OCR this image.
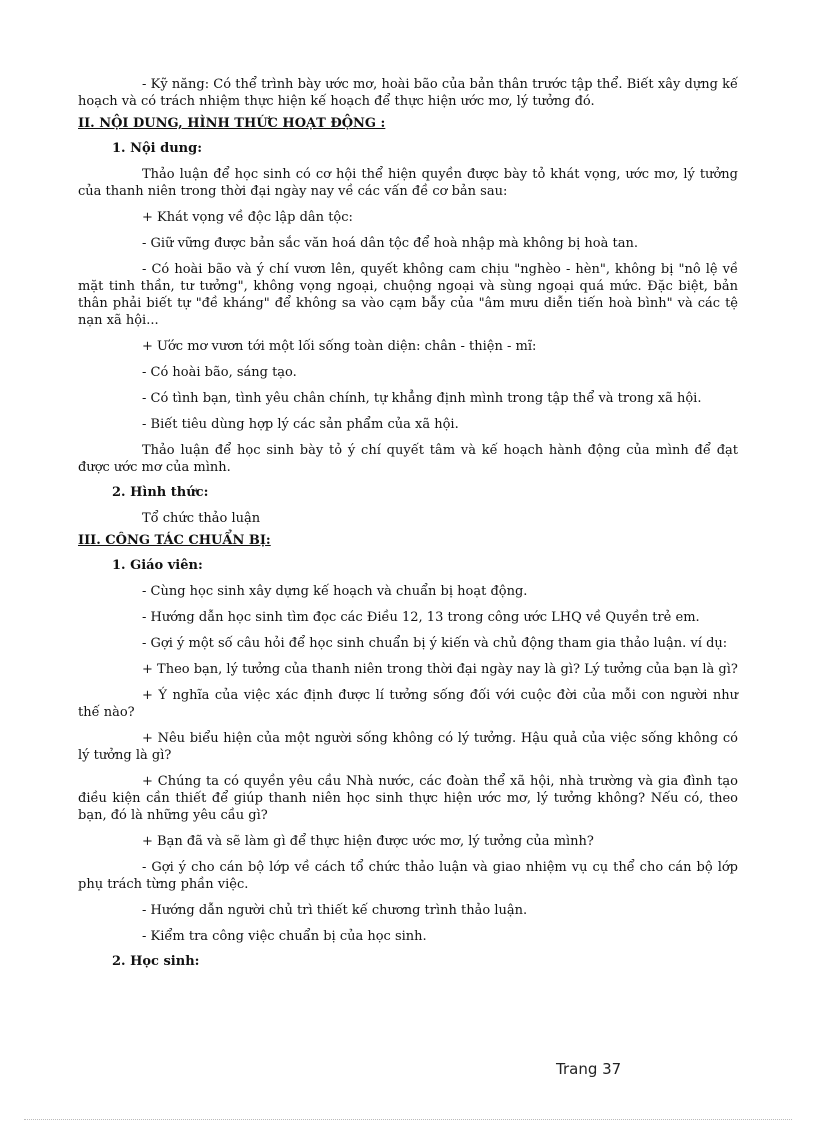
- Kỹ năng: Có thể trình bày ước mơ, hoài bão của bản thân trước tập thể. Biết xây dựng kế hoạch và có trách nhiệm thực hiện kế hoạch để thực hiện ước mơ, lý tưởng đó.

II. NỘI DUNG, HÌNH THỨC HOẠT ĐỘNG :

1. Nội dung:

Thảo luận để học sinh có cơ hội thể hiện quyền được bày tỏ khát vọng, ước mơ, lý tưởng của thanh niên trong thời đại ngày nay về các vấn đề cơ bản sau:

+ Khát vọng về độc lập dân tộc:

- Giữ vững được bản sắc văn hoá dân tộc để hoà nhập mà không bị hoà tan.

- Có hoài bão và ý chí vươn lên, quyết không cam chịu "nghèo - hèn", không bị "nô lệ về mặt tinh thần, tư tưởng", không vọng ngoại, chuộng ngoại và sùng ngoại quá mức. Đặc biệt, bản thân phải biết tự "đề kháng" để không sa vào cạm bẫy của "âm mưu diễn tiến hoà bình" và các tệ nạn xã hội...

+ Ước mơ vươn tới một lối sống toàn diện: chân - thiện - mĩ:

- Có hoài bão, sáng tạo.

- Có tình bạn, tình yêu chân chính, tự khẳng định mình trong tập thể và trong xã hội.

- Biết tiêu dùng hợp lý các sản phẩm của xã hội.

Thảo luận để học sinh bày tỏ ý chí quyết tâm và kế hoạch hành động của mình để đạt được ước mơ của mình.

2. Hình thức:

Tổ chức thảo luận

III. CÔNG TÁC CHUẨN BỊ:

1. Giáo viên:

- Cùng học sinh xây dựng kế hoạch và chuẩn bị hoạt động.

- Hướng dẫn học sinh tìm đọc các Điều 12, 13 trong công ước LHQ về Quyền trẻ em.

- Gợi ý một số câu hỏi để học sinh chuẩn bị ý kiến và chủ động tham gia thảo luận. ví dụ:

+ Theo bạn, lý tưởng của thanh niên trong thời đại ngày nay là gì? Lý tưởng của bạn là gì?

+ Ý nghĩa của việc xác định được lí tưởng sống đối với cuộc đời của mỗi con người như thế nào?

+ Nêu biểu hiện của một người sống không có lý tưởng. Hậu quả của việc sống không có lý tưởng là gì?

+ Chúng ta có quyền yêu cầu Nhà nước, các đoàn thể xã hội, nhà trường và gia đình tạo điều kiện cần thiết để giúp thanh niên học sinh thực hiện ước mơ, lý tưởng không? Nếu có, theo bạn, đó là những yêu cầu gì?

+ Bạn đã và sẽ làm gì để thực hiện được ước mơ, lý tưởng của mình?

- Gợi ý cho cán bộ lớp về cách tổ chức thảo luận và giao nhiệm vụ cụ thể cho cán bộ lớp phụ trách từng phần việc.

- Hướng dẫn người chủ trì thiết kế chương trình thảo luận.

- Kiểm tra công việc chuẩn bị của học sinh.

2. Học sinh:

Trang 37
